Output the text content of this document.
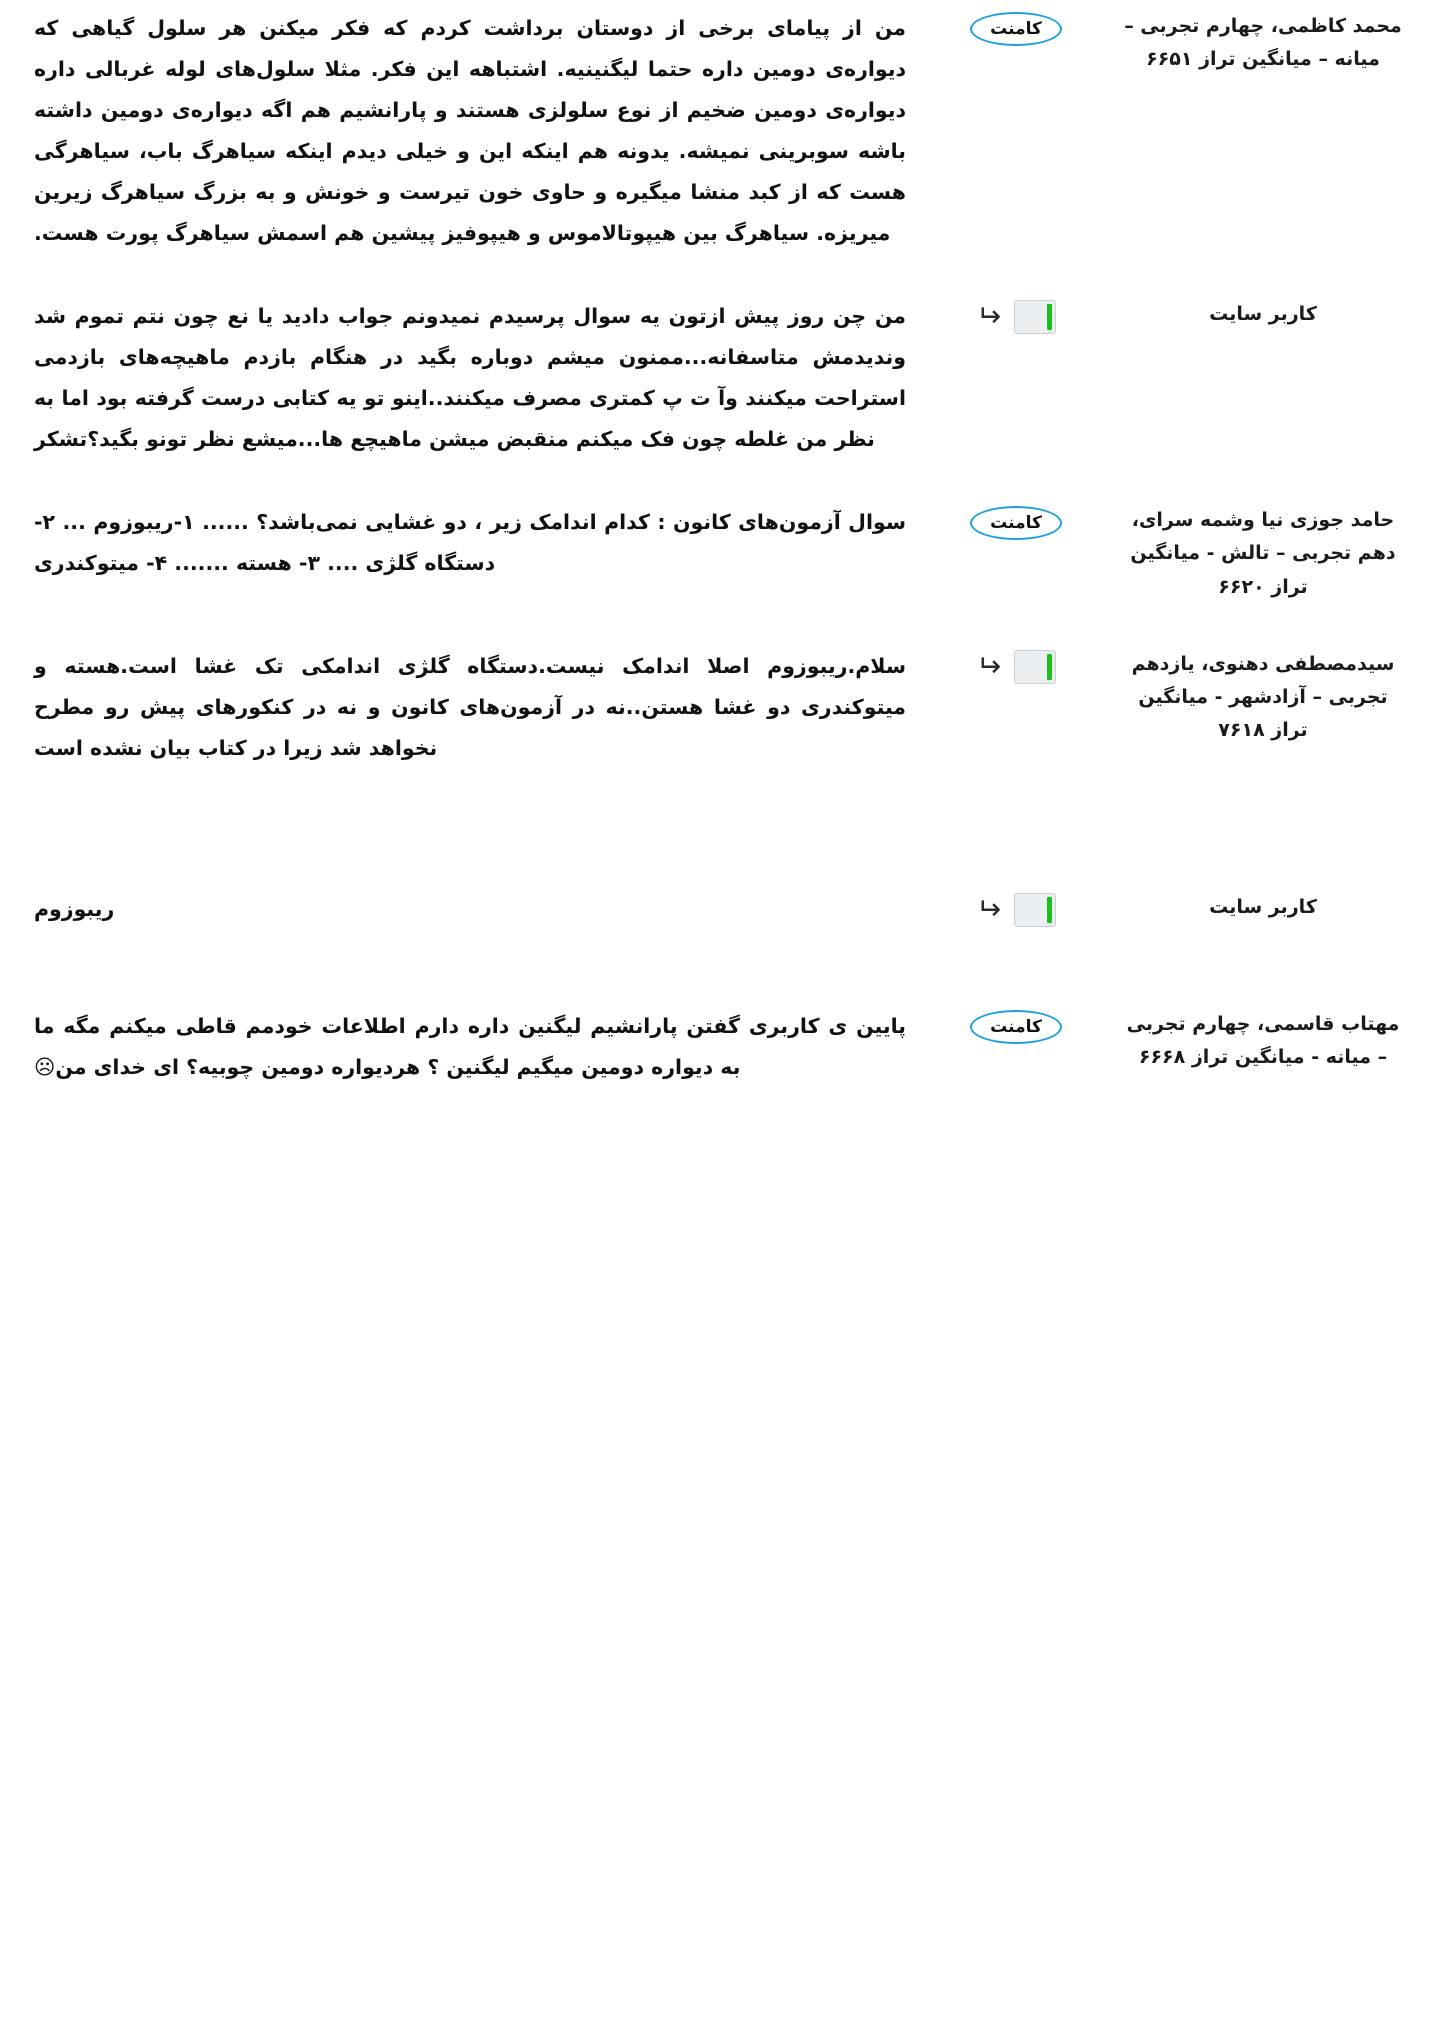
محمد کاظمی، چهارم تجربی – میانه – میانگین تراز ۶۶۵۱
کامنت
من از پیامای برخی از دوستان برداشت کردم که فکر میکنن هر سلول گیاهی که دیواره‌ی دومین داره حتما لیگنینیه. اشتباهه این فکر. مثلا سلول‌های لوله غربالی داره دیواره‌ی دومین ضخیم از نوع سلولزی هستند و پارانشیم هم اگه دیواره‌ی دومین داشته باشه سوبرینی نمیشه. یدونه هم اینکه این و خیلی دیدم اینکه سیاهرگ باب، سیاهرگی هست که از کبد منشا میگیره و حاوی خون تیرست و خونش و به بزرگ سیاهرگ زیرین میریزه. سیاهرگ بین هیپوتالاموس و هیپوفیز پیشین هم اسمش سیاهرگ پورت هست.
کاربر سایت
↵
من چن روز پیش ازتون یه سوال پرسیدم نمیدونم جواب دادید یا نع چون نتم تموم شد وندیدمش متاسفانه...ممنون میشم دوباره بگید در هنگام بازدم ماهیچه‌های بازدمی استراحت میکنند وآ ت پ کمتری مصرف میکنند..اینو تو یه کتابی درست گرفته بود اما به نظر من غلطه چون فک میکنم منقبض میشن ماهیچع ها...میشع نظر تونو بگید؟تشکر
حامد جوزی نیا وشمه سرای، دهم تجربی – تالش - میانگین تراز ۶۶۲۰
کامنت
سوال آزمون‌های کانون : کدام اندامک زیر ، دو غشایی نمی‌باشد؟ ...... ۱-ریبوزوم ... ۲- دستگاه گلژی .... ۳- هسته ....... ۴- میتوکندری
سیدمصطفی دهنوی، یازدهم تجربی – آزادشهر - میانگین تراز ۷۶۱۸
↵
سلام.ریبوزوم اصلا اندامک نیست.دستگاه گلژی اندامکی تک غشا است.هسته و میتوکندری دو غشا هستن..نه در آزمون‌های کانون و نه در کنکورهای پیش رو مطرح نخواهد شد زیرا در کتاب بیان نشده است
کاربر سایت
↵
ریبوزوم
مهتاب قاسمی، چهارم تجربی – میانه - میانگین تراز ۶۶۶۸
کامنت
پایین ی کاربری گفتن پارانشیم لیگنین داره دارم اطلاعات خودمم قاطی میکنم مگه ما به دیواره دومین میگیم لیگنین ؟ هردیواره دومین چوبیه؟ ای خدای من☹
